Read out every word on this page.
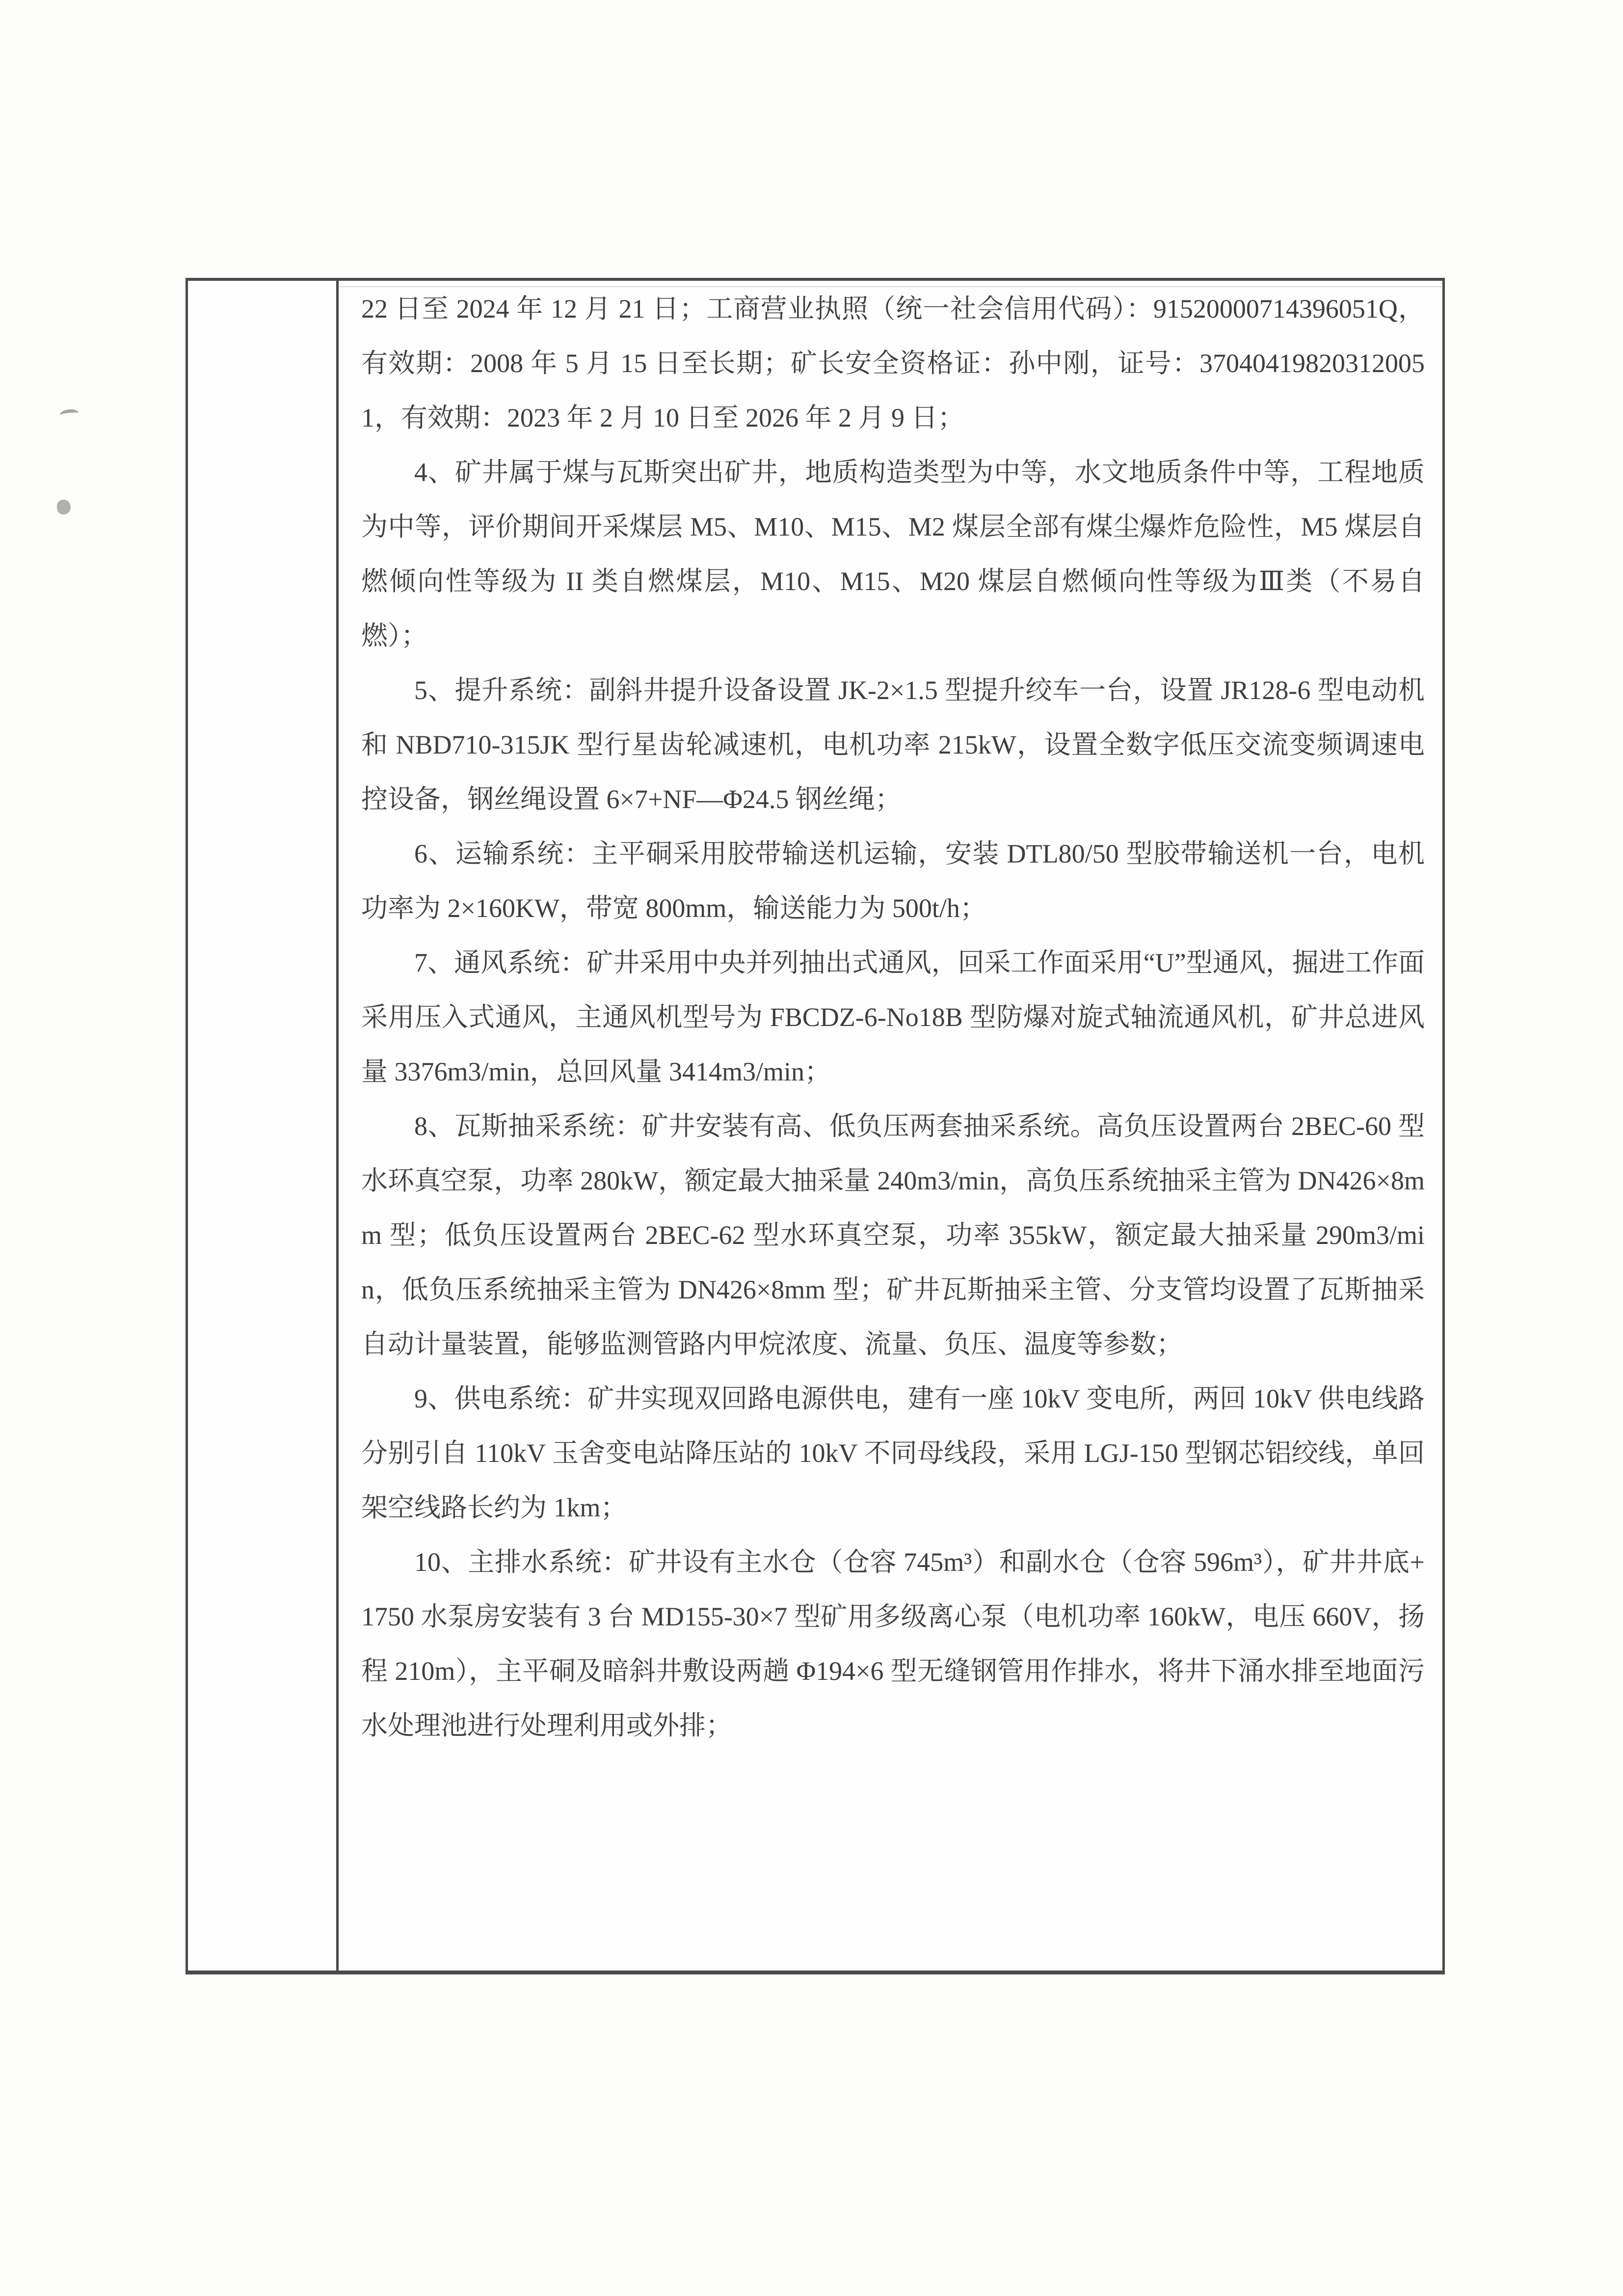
22 日至 2024 年 12 月 21 日；工商营业执照（统一社会信用代码）：91520000714396051Q，有效期：2008 年 5 月 15 日至长期；矿长安全资格证：孙中刚，证号：370404198203120051，有效期：2023 年 2 月 10 日至 2026 年 2 月 9 日；

4、矿井属于煤与瓦斯突出矿井，地质构造类型为中等，水文地质条件中等，工程地质为中等，评价期间开采煤层 M5、M10、M15、M2 煤层全部有煤尘爆炸危险性，M5 煤层自燃倾向性等级为 II 类自燃煤层，M10、M15、M20 煤层自燃倾向性等级为Ⅲ类（不易自燃）；

5、提升系统：副斜井提升设备设置 JK-2×1.5 型提升绞车一台，设置 JR128-6 型电动机和 NBD710-315JK 型行星齿轮减速机，电机功率 215kW，设置全数字低压交流变频调速电控设备，钢丝绳设置 6×7+NF—Φ24.5 钢丝绳；

6、运输系统：主平硐采用胶带输送机运输，安装 DTL80/50 型胶带输送机一台，电机功率为 2×160KW，带宽 800mm，输送能力为 500t/h；

7、通风系统：矿井采用中央并列抽出式通风，回采工作面采用“U”型通风，掘进工作面采用压入式通风，主通风机型号为 FBCDZ-6-No18B 型防爆对旋式轴流通风机，矿井总进风量 3376m3/min，总回风量 3414m3/min；

8、瓦斯抽采系统：矿井安装有高、低负压两套抽采系统。高负压设置两台 2BEC-60 型水环真空泵，功率 280kW，额定最大抽采量 240m3/min，高负压系统抽采主管为 DN426×8mm 型；低负压设置两台 2BEC-62 型水环真空泵，功率 355kW，额定最大抽采量 290m3/min，低负压系统抽采主管为 DN426×8mm 型；矿井瓦斯抽采主管、分支管均设置了瓦斯抽采自动计量装置，能够监测管路内甲烷浓度、流量、负压、温度等参数；

9、供电系统：矿井实现双回路电源供电，建有一座 10kV 变电所，两回 10kV 供电线路分别引自 110kV 玉舍变电站降压站的 10kV 不同母线段，采用 LGJ-150 型钢芯铝绞线，单回架空线路长约为 1km；

10、主排水系统：矿井设有主水仓（仓容 745m³）和副水仓（仓容 596m³），矿井井底+1750 水泵房安装有 3 台 MD155-30×7 型矿用多级离心泵（电机功率 160kW，电压 660V，扬程 210m），主平硐及暗斜井敷设两趟 Φ194×6 型无缝钢管用作排水，将井下涌水排至地面污水处理池进行处理利用或外排；
